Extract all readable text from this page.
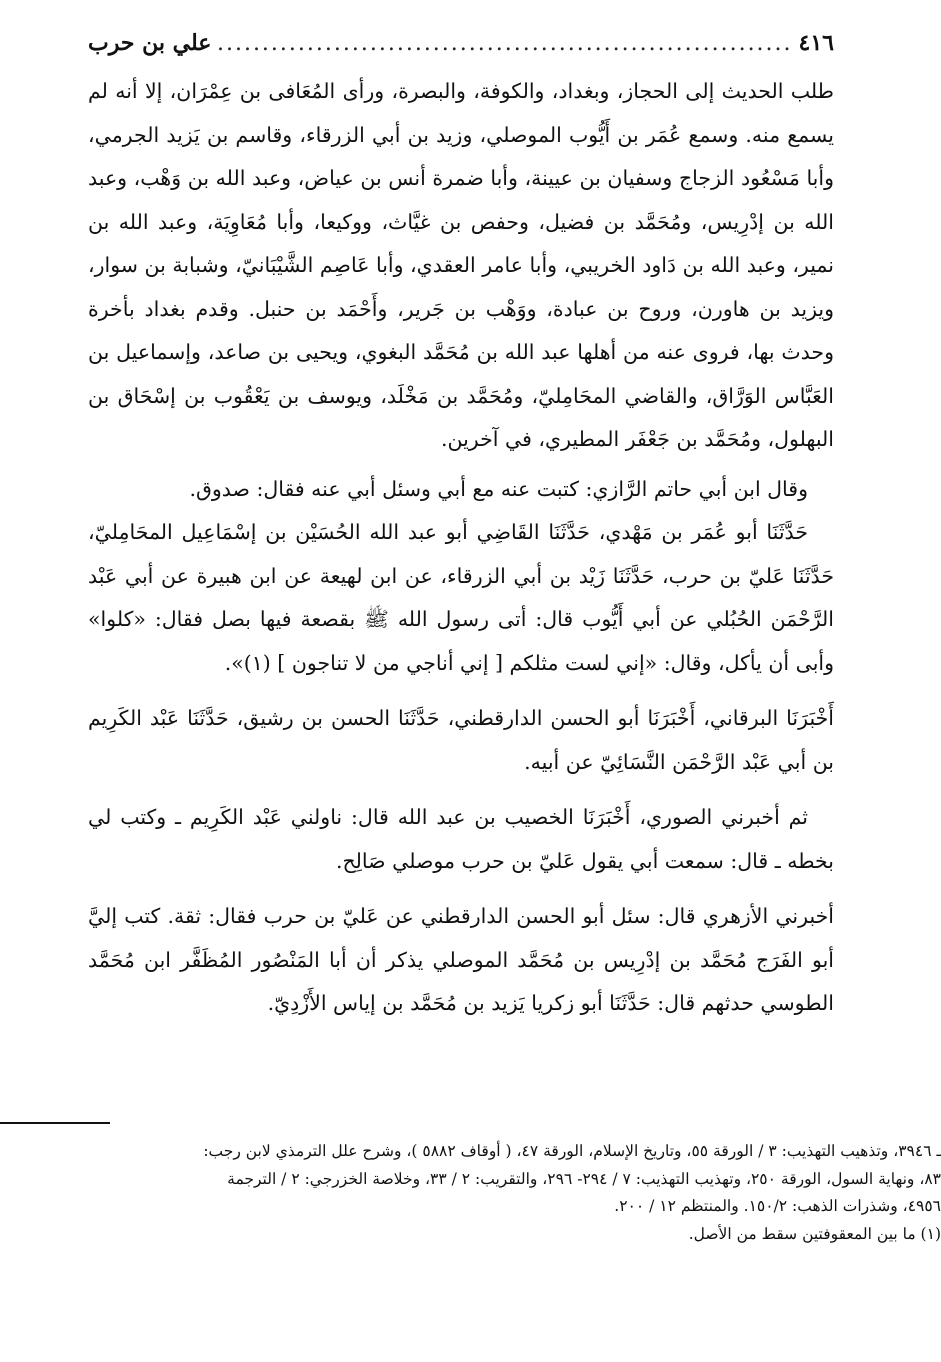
٤١٦
.....
علي بن حرب

طلب الحديث إلى الحجاز، وبغداد، والكوفة، والبصرة، ورأى المُعَافى بن عِمْرَان، إلا أنه لم يسمع منه. وسمع عُمَر بن أَيُّوب الموصلي، وزيد بن أبي الزرقاء، وقاسم بن يَزيد الجرمي، وأبا مَسْعُود الزجاج وسفيان بن عيينة، وأبا ضمرة أنس بن عياض، وعبد الله بن وَهْب، وعبد الله بن إدْرِيس، ومُحَمَّد بن فضيل، وحفص بن غيَّاث، ووكيعا، وأبا مُعَاوِيَة، وعبد الله بن نمير، وعبد الله بن دَاود الخريبي، وأبا عامر العقدي، وأبا عَاصِم الشَّيْبَانيّ، وشبابة بن سوار، ويزيد بن هاورن، وروح بن عبادة، ووَهْب بن جَرير، وأَحْمَد بن حنبل. وقدم بغداد بأخرة وحدث بها، فروى عنه من أهلها عبد الله بن مُحَمَّد البغوي، ويحيى بن صاعد، وإسماعيل بن العَبَّاس الوَرَّاق، والقاضي المحَامِليّ، ومُحَمَّد بن مَخْلَد، ويوسف بن يَعْقُوب بن إسْحَاق بن البهلول، ومُحَمَّد بن جَعْفَر المطيري، في آخرين.

وقال ابن أبي حاتم الرَّازي: كتبت عنه مع أبي وسئل أبي عنه فقال: صدوق.

حَدَّثَنَا أبو عُمَر بن مَهْدي، حَدَّثَنَا القَاضِي أبو عبد الله الحُسَيْن بن إسْمَاعِيل المحَامِليّ، حَدَّثَنَا عَليّ بن حرب، حَدَّثَنَا زَيْد بن أبي الزرقاء، عن ابن لهيعة عن ابن هبيرة عن أبي عَبْد الرَّحْمَن الحُبُلي عن أبي أَيُّوب قال: أتى رسول الله ﷺ بقصعة فيها بصل فقال: «كلوا» وأبى أن يأكل، وقال: «إني لست مثلكم [ إني أناجي من لا تناجون ] (١)».

أَخْبَرَنَا البرقاني، أَخْبَرَنَا أبو الحسن الدارقطني، حَدَّثَنَا الحسن بن رشيق، حَدَّثَنَا عَبْد الكَرِيم بن أبي عَبْد الرَّحْمَن النَّسَائِيّ عن أبيه.

ثم أخبرني الصوري، أَخْبَرَنَا الخصيب بن عبد الله قال: ناولني عَبْد الكَرِيم ـ وكتب لي بخطه ـ قال: سمعت أبي يقول عَليّ بن حرب موصلي صَالِح.

أخبرني الأزهري قال: سئل أبو الحسن الدارقطني عن عَليّ بن حرب فقال: ثقة. كتب إليَّ أبو الفَرَج مُحَمَّد بن إدْرِيس بن مُحَمَّد الموصلي يذكر أن أبا المَنْصُور المُظَفَّر ابن مُحَمَّد الطوسي حدثهم قال: حَدَّثَنَا أبو زكريا يَزيد بن مُحَمَّد بن إياس الأَزْدِيّ.

ـ ٣٩٤٦، وتذهيب التهذيب: ٣ / الورقة ٥٥، وتاريخ الإسلام، الورقة ٤٧، ( أوقاف ٥٨٨٢ )، وشرح علل الترمذي لابن رجب: ٨٣، ونهاية السول، الورقة ٢٥٠، وتهذيب التهذيب: ٧ / ٢٩٤- ٢٩٦، والتقريب: ٢ / ٣٣، وخلاصة الخزرجي: ٢ / الترجمة ٤٩٥٦، وشذرات الذهب: ١٥٠/٢. والمنتظم ١٢ / ٢٠٠.

(١) ما بين المعقوفتين سقط من الأصل.
